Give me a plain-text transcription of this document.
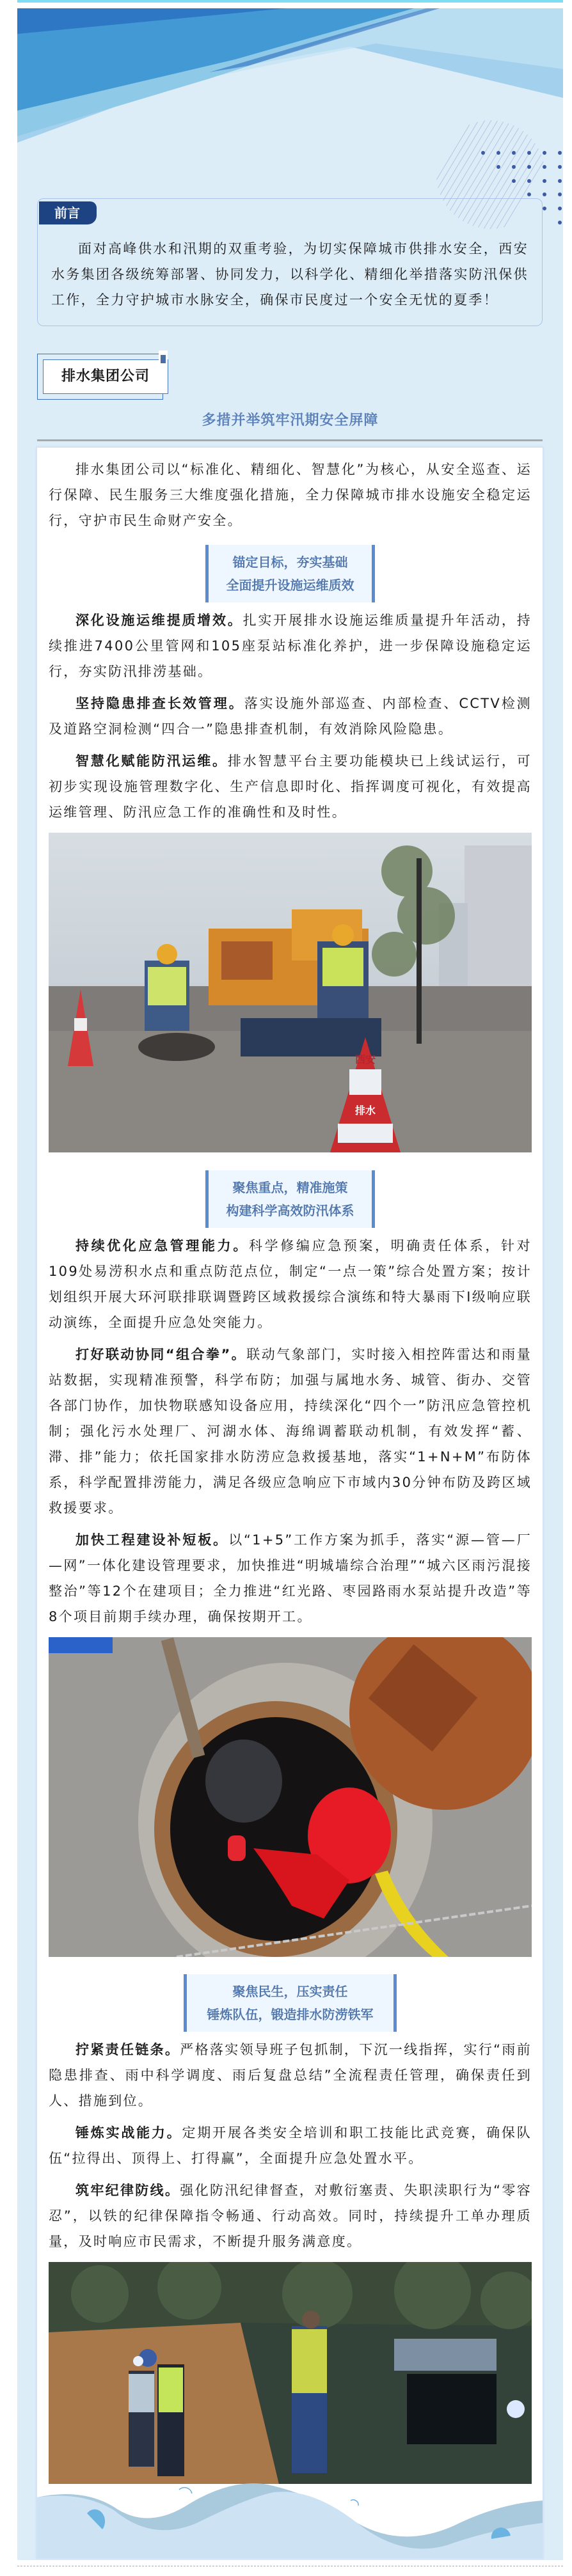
前言

面对高峰供水和汛期的双重考验，为切实保障城市供排水安全，西安水务集团各级统筹部署、协同发力，以科学化、精细化举措落实防汛保供工作，全力守护城市水脉安全，确保市民度过一个安全无忧的夏季！

排水集团公司
多措并举筑牢汛期安全屏障

排水集团公司以“标准化、精细化、智慧化”为核心，从安全巡查、运行保障、民生服务三大维度强化措施，全力保障城市排水设施安全稳定运行，守护市民生命财产安全。

锚定目标，夯实基础
全面提升设施运维质效

深化设施运维提质增效。扎实开展排水设施运维质量提升年活动，持续推进7400公里管网和105座泵站标准化养护，进一步保障设施稳定运行，夯实防汛排涝基础。

坚持隐患排查长效管理。落实设施外部巡查、内部检查、CCTV检测及道路空洞检测“四合一”隐患排查机制，有效消除风险隐患。

智慧化赋能防汛运维。排水智慧平台主要功能模块已上线试运行，可初步实现设施管理数字化、生产信息即时化、指挥调度可视化，有效提高运维管理、防汛应急工作的准确性和及时性。

西安
排水
聚焦重点，精准施策
构建科学高效防汛体系

持续优化应急管理能力。科学修编应急预案，明确责任体系，针对109处易涝积水点和重点防范点位，制定“一点一策”综合处置方案；按计划组织开展大环河联排联调暨跨区域救援综合演练和特大暴雨下Ⅰ级响应联动演练，全面提升应急处突能力。

打好联动协同“组合拳”。联动气象部门，实时接入相控阵雷达和雨量站数据，实现精准预警，科学布防；加强与属地水务、城管、街办、交管各部门协作，加快物联感知设备应用，持续深化“四个一”防汛应急管控机制；强化污水处理厂、河湖水体、海绵调蓄联动机制，有效发挥“蓄、滞、排”能力；依托国家排水防涝应急救援基地，落实“1+N+M”布防体系，科学配置排涝能力，满足各级应急响应下市域内30分钟布防及跨区域救援要求。

加快工程建设补短板。以“1+5”工作方案为抓手，落实“源—管—厂—网”一体化建设管理要求，加快推进“明城墙综合治理”“城六区雨污混接整治”等12个在建项目；全力推进“红光路、枣园路雨水泵站提升改造”等8个项目前期手续办理，确保按期开工。

聚焦民生，压实责任
锤炼队伍，锻造排水防涝铁军

拧紧责任链条。严格落实领导班子包抓制，下沉一线指挥，实行“雨前隐患排查、雨中科学调度、雨后复盘总结”全流程责任管理，确保责任到人、措施到位。

锤炼实战能力。定期开展各类安全培训和职工技能比武竞赛，确保队伍“拉得出、顶得上、打得赢”，全面提升应急处置水平。

筑牢纪律防线。强化防汛纪律督查，对敷衍塞责、失职渎职行为“零容忍”，以铁的纪律保障指令畅通、行动高效。同时，持续提升工单办理质量，及时响应市民需求，不断提升服务满意度。
